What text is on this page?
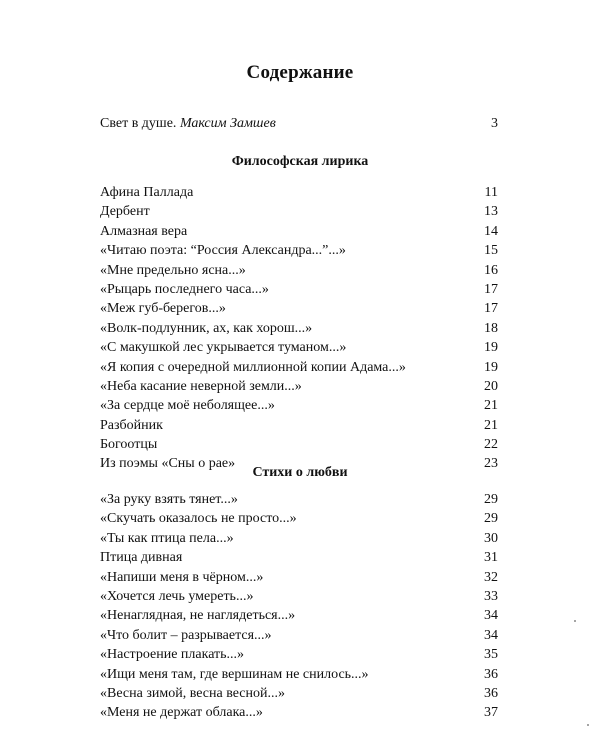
Содержание
Свет в душе. Максим Замшев . . .	3
Философская лирика
Афина Паллада . . .	11
Дербент . . .	13
Алмазная вера . . .	14
«Читаю поэта: “Россия Александра...”...» . . .	15
«Мне предельно ясна...» . . .	16
«Рыцарь последнего часа...» . . .	17
«Меж губ-берегов...» . . .	17
«Волк-подлунник, ах, как хорош...» . . .	18
«С макушкой лес укрывается туманом...» . . .	19
«Я копия с очередной миллионной копии Адама...» . . .	19
«Неба касание неверной земли...» . . .	20
«За сердце моё неболящее...» . . .	21
Разбойник . . .	21
Богоотцы . . .	22
Из поэмы «Сны о рае» . . .	23
Стихи о любви
«За руку взять тянет...» . . .	29
«Скучать оказалось не просто...» . . .	29
«Ты как птица пела...» . . .	30
Птица дивная . . .	31
«Напиши меня в чёрном...» . . .	32
«Хочется лечь умереть...» . . .	33
«Ненаглядная, не наглядеться...» . . .	34
«Что болит – разрывается...» . . .	34
«Настроение плакать...» . . .	35
«Ищи меня там, где вершинам не снилось...» . . .	36
«Весна зимой, весна весной...» . . .	36
«Меня не держат облака...» . . .	37
